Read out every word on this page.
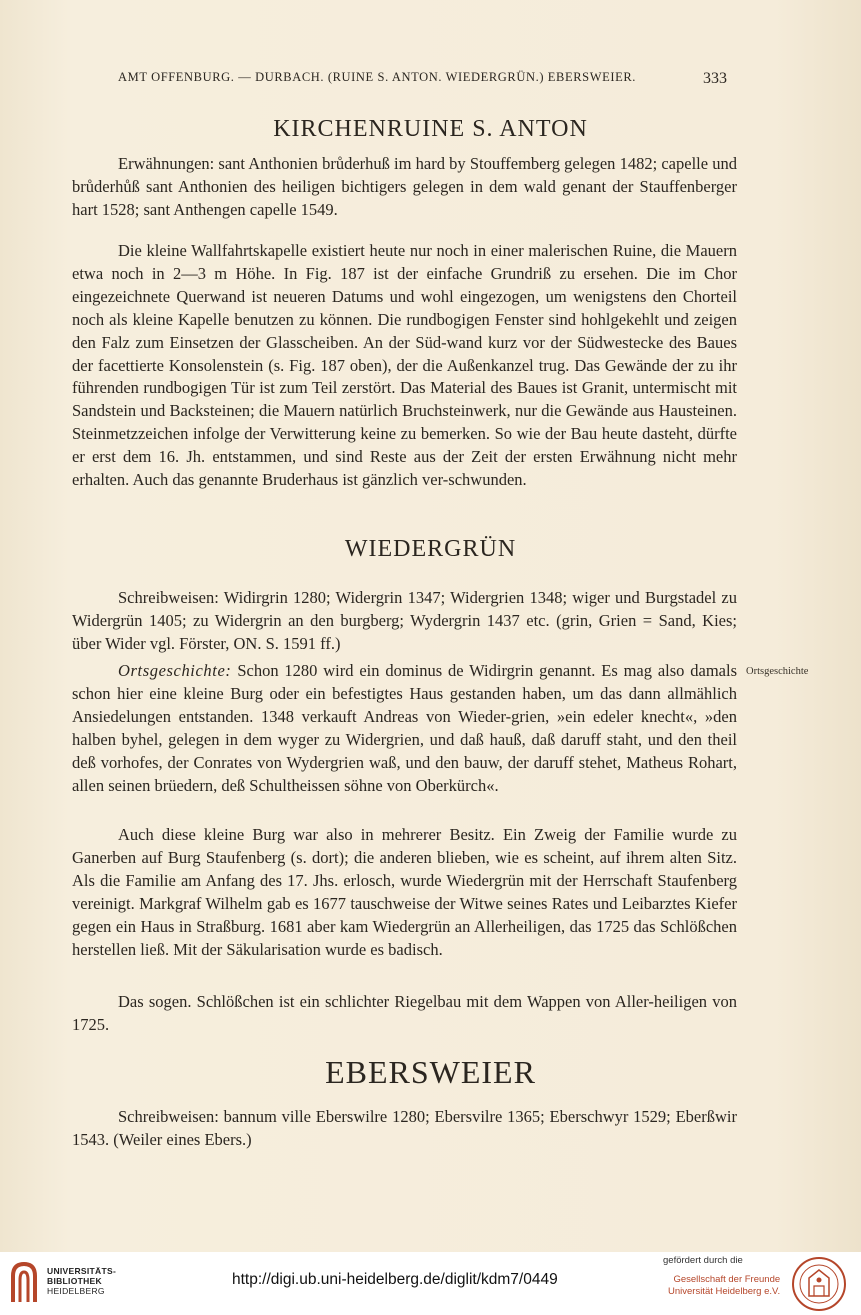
AMT OFFENBURG. — DURBACH. (RUINE S. ANTON. WIEDERGRÜN.) EBERSWEIER.	333
KIRCHENRUINE S. ANTON

Erwähnungen: sant Anthonien brůderhuß im hard by Stouffemberg gelegen 1482; capelle und brůderhůß sant Anthonien des heiligen bichtigers gelegen in dem wald genant der Stauffenberger hart 1528; sant Anthengen capelle 1549.

Die kleine Wallfahrtskapelle existiert heute nur noch in einer malerischen Ruine, die Mauern etwa noch in 2—3 m Höhe. In Fig. 187 ist der einfache Grundriß zu ersehen. Die im Chor eingezeichnete Querwand ist neueren Datums und wohl eingezogen, um wenigstens den Chorteil noch als kleine Kapelle benutzen zu können. Die rundbogigen Fenster sind hohlgekehlt und zeigen den Falz zum Einsetzen der Glasscheiben. An der Süd-wand kurz vor der Südwestecke des Baues der facettierte Konsolenstein (s. Fig. 187 oben), der die Außenkanzel trug. Das Gewände der zu ihr führenden rundbogigen Tür ist zum Teil zerstört. Das Material des Baues ist Granit, untermischt mit Sandstein und Backsteinen; die Mauern natürlich Bruchsteinwerk, nur die Gewände aus Hausteinen. Steinmetzzeichen infolge der Verwitterung keine zu bemerken. So wie der Bau heute dasteht, dürfte er erst dem 16. Jh. entstammen, und sind Reste aus der Zeit der ersten Erwähnung nicht mehr erhalten. Auch das genannte Bruderhaus ist gänzlich ver-schwunden.

WIEDERGRÜN

Schreibweisen: Widirgrin 1280; Widergrin 1347; Widergrien 1348; wiger und Burgstadel zu Widergrün 1405; zu Widergrin an den burgberg; Wydergrin 1437 etc. (grin, Grien = Sand, Kies; über Wider vgl. Förster, ON. S. 1591 ff.)

Ortsgeschichte: Schon 1280 wird ein dominus de Widirgrin genannt. Es mag also damals schon hier eine kleine Burg oder ein befestigtes Haus gestanden haben, um das dann allmählich Ansiedelungen entstanden. 1348 verkauft Andreas von Wieder-grien, »ein edeler knecht«, »den halben byhel, gelegen in dem wyger zu Widergrien, und daß hauß, daß daruff staht, und den theil deß vorhofes, der Conrates von Wydergrien waß, und den bauw, der daruff stehet, Matheus Rohart, allen seinen brüedern, deß Schultheissen söhne von Oberkürch«.

Ortsgeschichte

Auch diese kleine Burg war also in mehrerer Besitz. Ein Zweig der Familie wurde zu Ganerben auf Burg Staufenberg (s. dort); die anderen blieben, wie es scheint, auf ihrem alten Sitz. Als die Familie am Anfang des 17. Jhs. erlosch, wurde Wiedergrün mit der Herrschaft Staufenberg vereinigt. Markgraf Wilhelm gab es 1677 tauschweise der Witwe seines Rates und Leibarztes Kiefer gegen ein Haus in Straßburg. 1681 aber kam Wiedergrün an Allerheiligen, das 1725 das Schlößchen herstellen ließ. Mit der Säkularisation wurde es badisch.

Das sogen. Schlößchen ist ein schlichter Riegelbau mit dem Wappen von Aller-heiligen von 1725.

EBERSWEIER

Schreibweisen: bannum ville Eberswilre 1280; Ebersvilre 1365; Eberschwyr 1529; Eberßwir 1543. (Weiler eines Ebers.)

UNIVERSITÄTS-
BIBLIOTHEK
HEIDELBERG
http://digi.ub.uni-heidelberg.de/diglit/kdm7/0449
gefördert durch die
Gesellschaft der Freunde
Universität Heidelberg e.V.
